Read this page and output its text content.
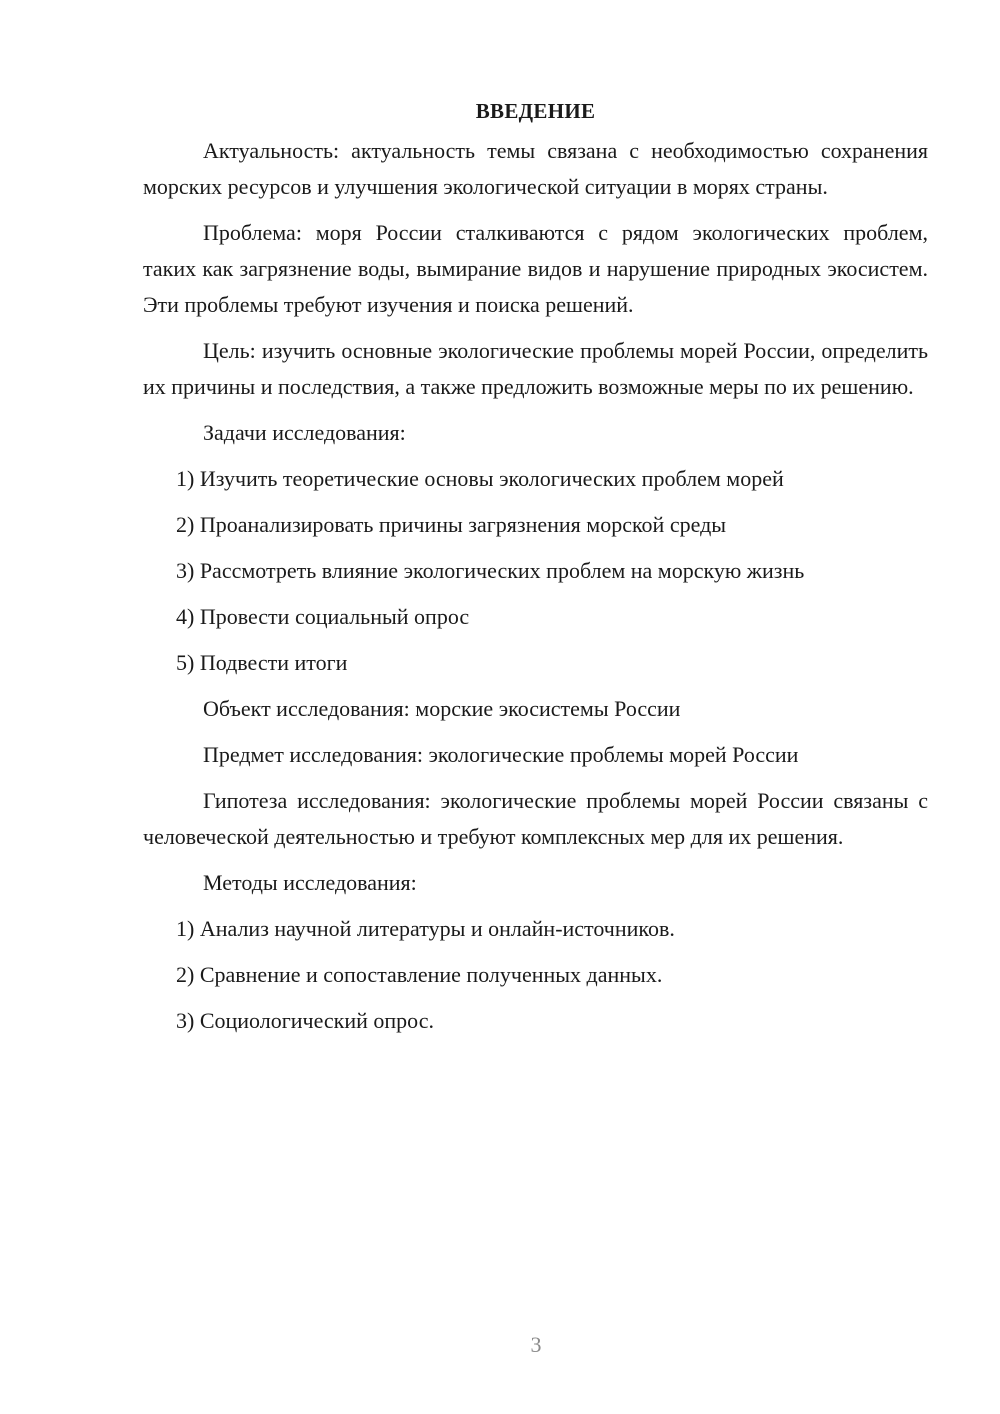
ВВЕДЕНИЕ

Актуальность: актуальность темы связана с необходимостью сохранения морских ресурсов и улучшения экологической ситуации в морях страны.

Проблема: моря России сталкиваются с рядом экологических проблем, таких как загрязнение воды, вымирание видов и нарушение природных экосистем. Эти проблемы требуют изучения и поиска решений.

Цель: изучить основные экологические проблемы морей России, определить их причины и последствия, а также предложить возможные меры по их решению.

Задачи исследования:

1) Изучить теоретические основы экологических проблем морей

2) Проанализировать причины загрязнения морской среды

3) Рассмотреть влияние экологических проблем на морскую жизнь

4) Провести социальный опрос

5) Подвести итоги

Объект исследования: морские экосистемы России

Предмет исследования: экологические проблемы морей России

Гипотеза исследования: экологические проблемы морей России связаны с человеческой деятельностью и требуют комплексных мер для их решения.

Методы исследования:

1) Анализ научной литературы и онлайн-источников.

2) Сравнение и сопоставление полученных данных.

3) Социологический опрос.

3
